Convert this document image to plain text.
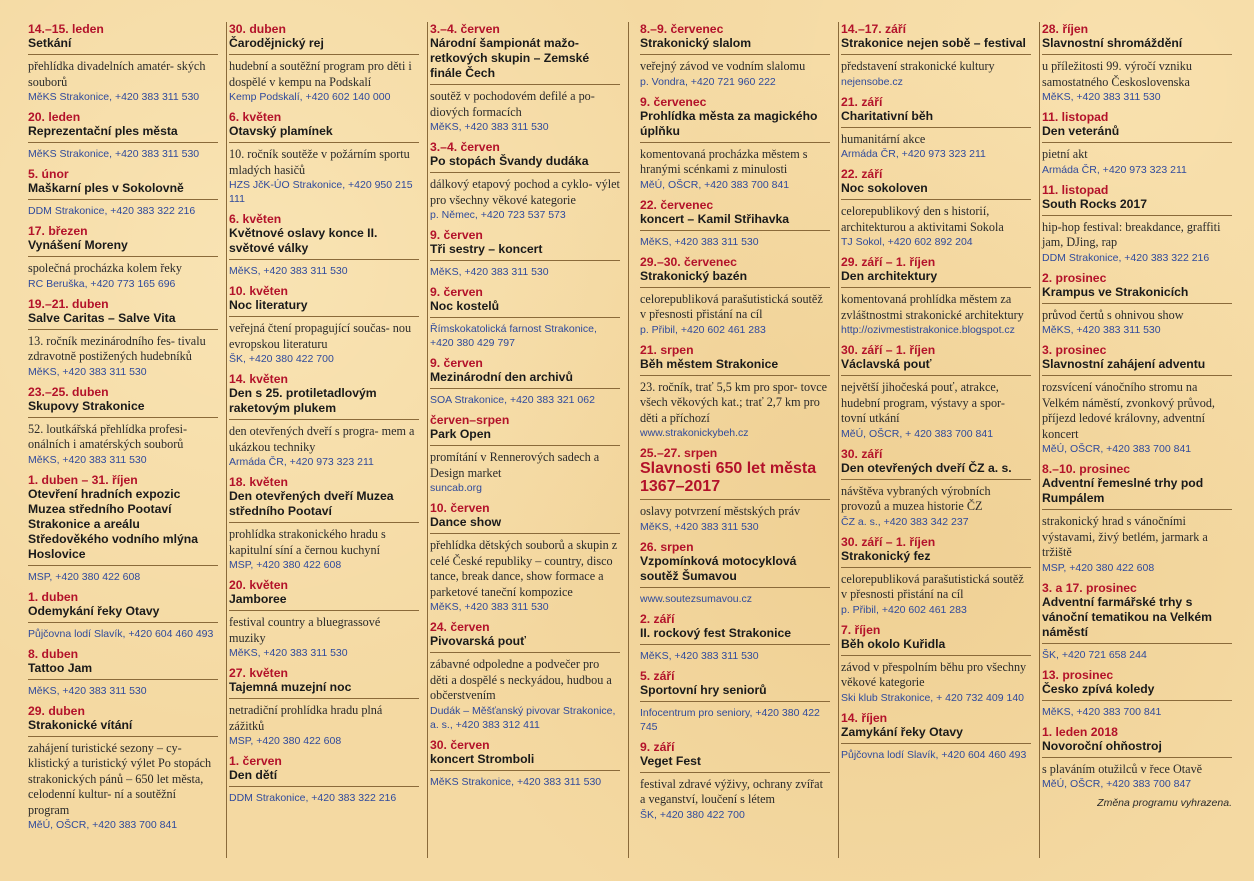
14.–15. leden
Setkání
přehlídka divadelních amatér- ských souborů
MěKS Strakonice, +420 383 311 530
20. leden
Reprezentační ples města
MěKS Strakonice, +420 383 311 530
5. únor
Maškarní ples v Sokolovně
DDM Strakonice, +420 383 322 216
17. březen
Vynášení Moreny
společná procházka kolem řeky
RC Beruška, +420 773 165 696
19.–21. duben
Salve Caritas – Salve Vita
13. ročník mezinárodního fes- tivalu zdravotně postižených hudebníků
MěKS, +420 383 311 530
23.–25. duben
Skupovy Strakonice
52. loutkářská přehlídka profesi- onálních i amatérských souborů
MěKS, +420 383 311 530
1. duben – 31. říjen
Otevření hradních expozic Muzea středního Pootaví Strakonice a areálu Středověkého vodního mlýna Hoslovice
MSP, +420 380 422 608
1. duben
Odemykání řeky Otavy
Půjčovna lodí Slavík, +420 604 460 493
8. duben
Tattoo Jam
MěKS, +420 383 311 530
29. duben
Strakonické vítání
zahájení turistické sezony – cy- klistický a turistický výlet Po stopách strakonických pánů – 650 let města, celodenní kultur- ní a soutěžní program
MěÚ, OŠCR, +420 383 700 841
30. duben
Čarodějnický rej
hudební a soutěžní program pro děti i dospělé v kempu na Podskalí
Kemp Podskalí, +420 602 140 000
6. květen
Otavský plamínek
10. ročník soutěže v požárním sportu mladých hasičů
HZS JčK-ÚO Strakonice, +420 950 215 111
6. květen
Květnové oslavy konce II. světové války
MěKS, +420 383 311 530
10. květen
Noc literatury
veřejná čtení propagující součas- nou evropskou literaturu
ŠK, +420 380 422 700
14. květen
Den s 25. protiletadlovým raketovým plukem
den otevřených dveří s progra- mem a ukázkou techniky
Armáda ČR, +420 973 323 211
18. květen
Den otevřených dveří Muzea středního Pootaví
prohlídka strakonického hradu s kapitulní síní a černou kuchyní
MSP, +420 380 422 608
20. květen
Jamboree
festival country a bluegrassové muziky
MěKS, +420 383 311 530
27. květen
Tajemná muzejní noc
netradiční prohlídka hradu plná zážitků
MSP, +420 380 422 608
1. červen
Den dětí
DDM Strakonice, +420 383 322 216
3.–4. červen
Národní šampionát mažo- retkových skupin – Zemské finále Čech
soutěž v pochodovém defilé a po- diových formacích
MěKS, +420 383 311 530
3.–4. červen
Po stopách Švandy dudáka
dálkový etapový pochod a cyklo- výlet pro všechny věkové kategorie
p. Němec, +420 723 537 573
9. červen
Tři sestry – koncert
MěKS, +420 383 311 530
9. červen
Noc kostelů
Římskokatolická farnost Strakonice, +420 380 429 797
9. červen
Mezinárodní den archivů
SOA Strakonice, +420 383 321 062
červen–srpen
Park Open
promítání v Rennerových sadech a Design market
suncab.org
10. červen
Dance show
přehlídka dětských souborů a skupin z celé České republiky – country, disco tance, break dance, show formace a parketové taneční kompozice
MěKS, +420 383 311 530
24. červen
Pivovarská pouť
zábavné odpoledne a podvečer pro děti a dospělé s neckyádou, hudbou a občerstvením
Dudák – Měšťanský pivovar Strakonice, a. s., +420 383 312 411
30. červen
koncert Stromboli
MěKS Strakonice, +420 383 311 530
8.–9. červenec
Strakonický slalom
veřejný závod ve vodním slalomu
p. Vondra, +420 721 960 222
9. červenec
Prohlídka města za magického úplňku
komentovaná procházka městem s hranými scénkami z minulosti
MěÚ, OŠCR, +420 383 700 841
22. červenec
koncert – Kamil Střihavka
MěKS, +420 383 311 530
29.–30. červenec
Strakonický bazén
celorepubliková parašutistická soutěž v přesnosti přistání na cíl
p. Přibil, +420 602 461 283
21. srpen
Běh městem Strakonice
23. ročník, trať 5,5 km pro spor- tovce všech věkových kat.; trať 2,7 km pro děti a příchozí
www.strakonickybeh.cz
25.–27. srpen
Slavnosti 650 let města 1367–2017
oslavy potvrzení městských práv
MěKS, +420 383 311 530
26. srpen
Vzpomínková motocyklová soutěž Šumavou
www.soutezsumavou.cz
2. září
II. rockový fest Strakonice
MěKS, +420 383 311 530
5. září
Sportovní hry seniorů
Infocentrum pro seniory, +420 380 422 745
9. září
Veget Fest
festival zdravé výživy, ochrany zvířat a veganství, loučení s létem
ŠK, +420 380 422 700
14.–17. září
Strakonice nejen sobě – festival
představení strakonické kultury
nejensobe.cz
21. září
Charitativní běh
humanitární akce
Armáda ČR, +420 973 323 211
22. září
Noc sokoloven
celorepublikový den s historií, architekturou a aktivitami Sokola
TJ Sokol, +420 602 892 204
29. září – 1. říjen
Den architektury
komentovaná prohlídka městem za zvláštnostmi strakonické architektury
http://ozivmestistrakonice.blogspot.cz
30. září – 1. říjen
Václavská pouť
největší jihočeská pouť, atrakce, hudební program, výstavy a spor- tovní utkání
MěÚ, OŠCR, + 420 383 700 841
30. září
Den otevřených dveří ČZ a. s.
návštěva vybraných výrobních provozů a muzea historie ČZ
ČZ a. s., +420 383 342 237
30. září – 1. říjen
Strakonický fez
celorepubliková parašutistická soutěž v přesnosti přistání na cíl
p. Přibil, +420 602 461 283
7. říjen
Běh okolo Kuřidla
závod v přespolním běhu pro všechny věkové kategorie
Ski klub Strakonice, + 420 732 409 140
14. říjen
Zamykání řeky Otavy
Půjčovna lodí Slavík, +420 604 460 493
28. říjen
Slavnostní shromáždění
u příležitosti 99. výročí vzniku samostatného Československa
MěKS, +420 383 311 530
11. listopad
Den veteránů
pietní akt
Armáda ČR, +420 973 323 211
11. listopad
South Rocks 2017
hip-hop festival: breakdance, graffiti jam, DJing, rap
DDM Strakonice, +420 383 322 216
2. prosinec
Krampus ve Strakonicích
průvod čertů s ohnivou show
MěKS, +420 383 311 530
3. prosinec
Slavnostní zahájení adventu
rozsvícení vánočního stromu na Velkém náměstí, zvonkový průvod, příjezd ledové královny, adventní koncert
MěÚ, OŠCR, +420 383 700 841
8.–10. prosinec
Adventní řemeslné trhy pod Rumpálem
strakonický hrad s vánočními výstavami, živý betlém, jarmark a tržiště
MSP, +420 380 422 608
3. a 17. prosinec
Adventní farmářské trhy s vánoční tematikou na Velkém náměstí
ŠK, +420 721 658 244
13. prosinec
Česko zpívá koledy
MěKS, +420 383 700 841
1. leden 2018
Novoroční ohňostroj
s plaváním otužilců v řece Otavě
MěÚ, OŠCR, +420 383 700 847
Změna programu vyhrazena.
